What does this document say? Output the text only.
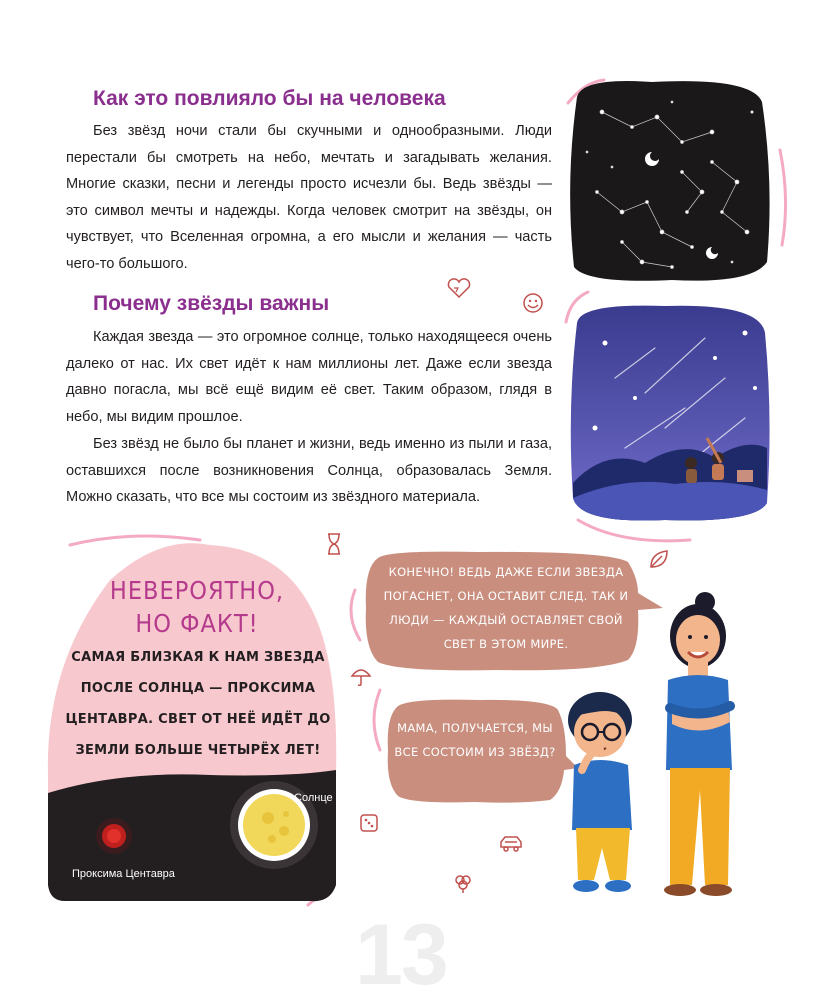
Как это повлияло бы на человека

Без звёзд ночи стали бы скучными и однообразными. Люди перестали бы смотреть на небо, мечтать и загадывать желания. Многие сказки, песни и легенды просто исчезли бы. Ведь звёзды — это символ мечты и надежды. Когда человек смотрит на звёзды, он чувствует, что Вселенная огромна, а его мысли и желания — часть чего-то большого.

Почему звёзды важны

Каждая звезда — это огромное солнце, только находящееся очень далеко от нас. Их свет идёт к нам миллионы лет. Даже если звезда давно погасла, мы всё ещё видим её свет. Таким образом, глядя в небо, мы видим прошлое.

Без звёзд не было бы планет и жизни, ведь именно из пыли и газа, оставшихся после возникновения Солнца, образовалась Земля. Можно сказать, что все мы состоим из звёздного материала.

НЕВЕРОЯТНО,
НО ФАКТ!
САМАЯ БЛИЗКАЯ К НАМ ЗВЕЗДА ПОСЛЕ СОЛНЦА — ПРОКСИМА ЦЕНТАВРА. СВЕТ ОТ НЕЁ ИДЁТ ДО ЗЕМЛИ БОЛЬШЕ ЧЕТЫРЁХ ЛЕТ!
Солнце
Проксима Центавра
КОНЕЧНО! ВЕДЬ ДАЖЕ ЕСЛИ ЗВЕЗДА ПОГАСНЕТ, ОНА ОСТАВИТ СЛЕД. ТАК И ЛЮДИ — КАЖДЫЙ ОСТАВЛЯЕТ СВОЙ СВЕТ В ЭТОМ МИРЕ.
МАМА, ПОЛУЧАЕТСЯ, МЫ ВСЕ СОСТОИМ ИЗ ЗВЁЗД?
13
